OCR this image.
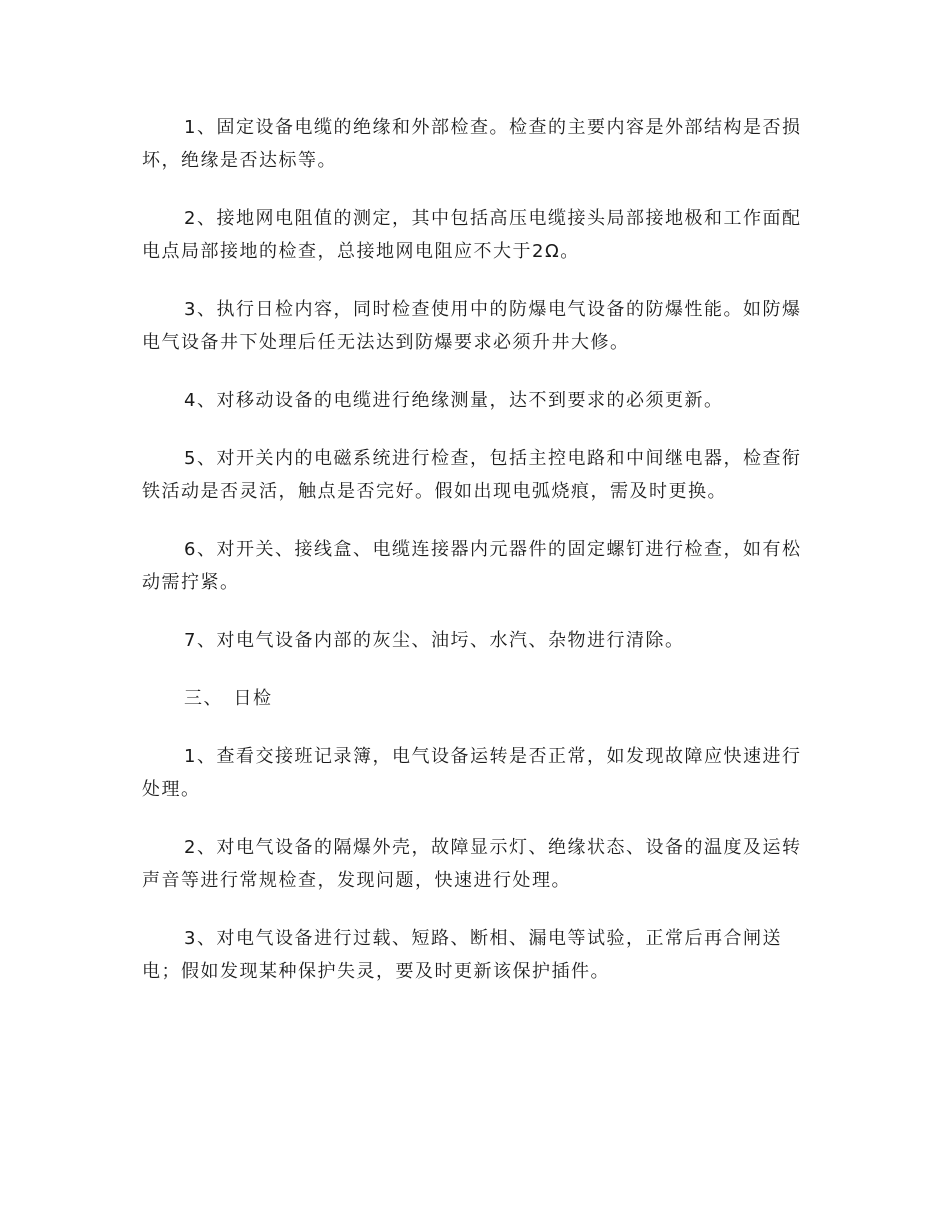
1、固定设备电缆的绝缘和外部检查。检查的主要内容是外部结构是否损坏，绝缘是否达标等。

2、接地网电阻值的测定，其中包括高压电缆接头局部接地极和工作面配电点局部接地的检查，总接地网电阻应不大于2Ω。

3、执行日检内容，同时检查使用中的防爆电气设备的防爆性能。如防爆电气设备井下处理后任无法达到防爆要求必须升井大修。

4、对移动设备的电缆进行绝缘测量，达不到要求的必须更新。

5、对开关内的电磁系统进行检查，包括主控电路和中间继电器，检查衔铁活动是否灵活，触点是否完好。假如出现电弧烧痕，需及时更换。

6、对开关、接线盒、电缆连接器内元器件的固定螺钉进行检查，如有松动需拧紧。

7、对电气设备内部的灰尘、油圬、水汽、杂物进行清除。

三、　日检

1、查看交接班记录簿，电气设备运转是否正常，如发现故障应快速进行处理。

2、对电气设备的隔爆外壳，故障显示灯、绝缘状态、设备的温度及运转声音等进行常规检查，发现问题，快速进行处理。

3、对电气设备进行过载、短路、断相、漏电等试验，正常后再合闸送电；假如发现某种保护失灵，要及时更新该保护插件。
